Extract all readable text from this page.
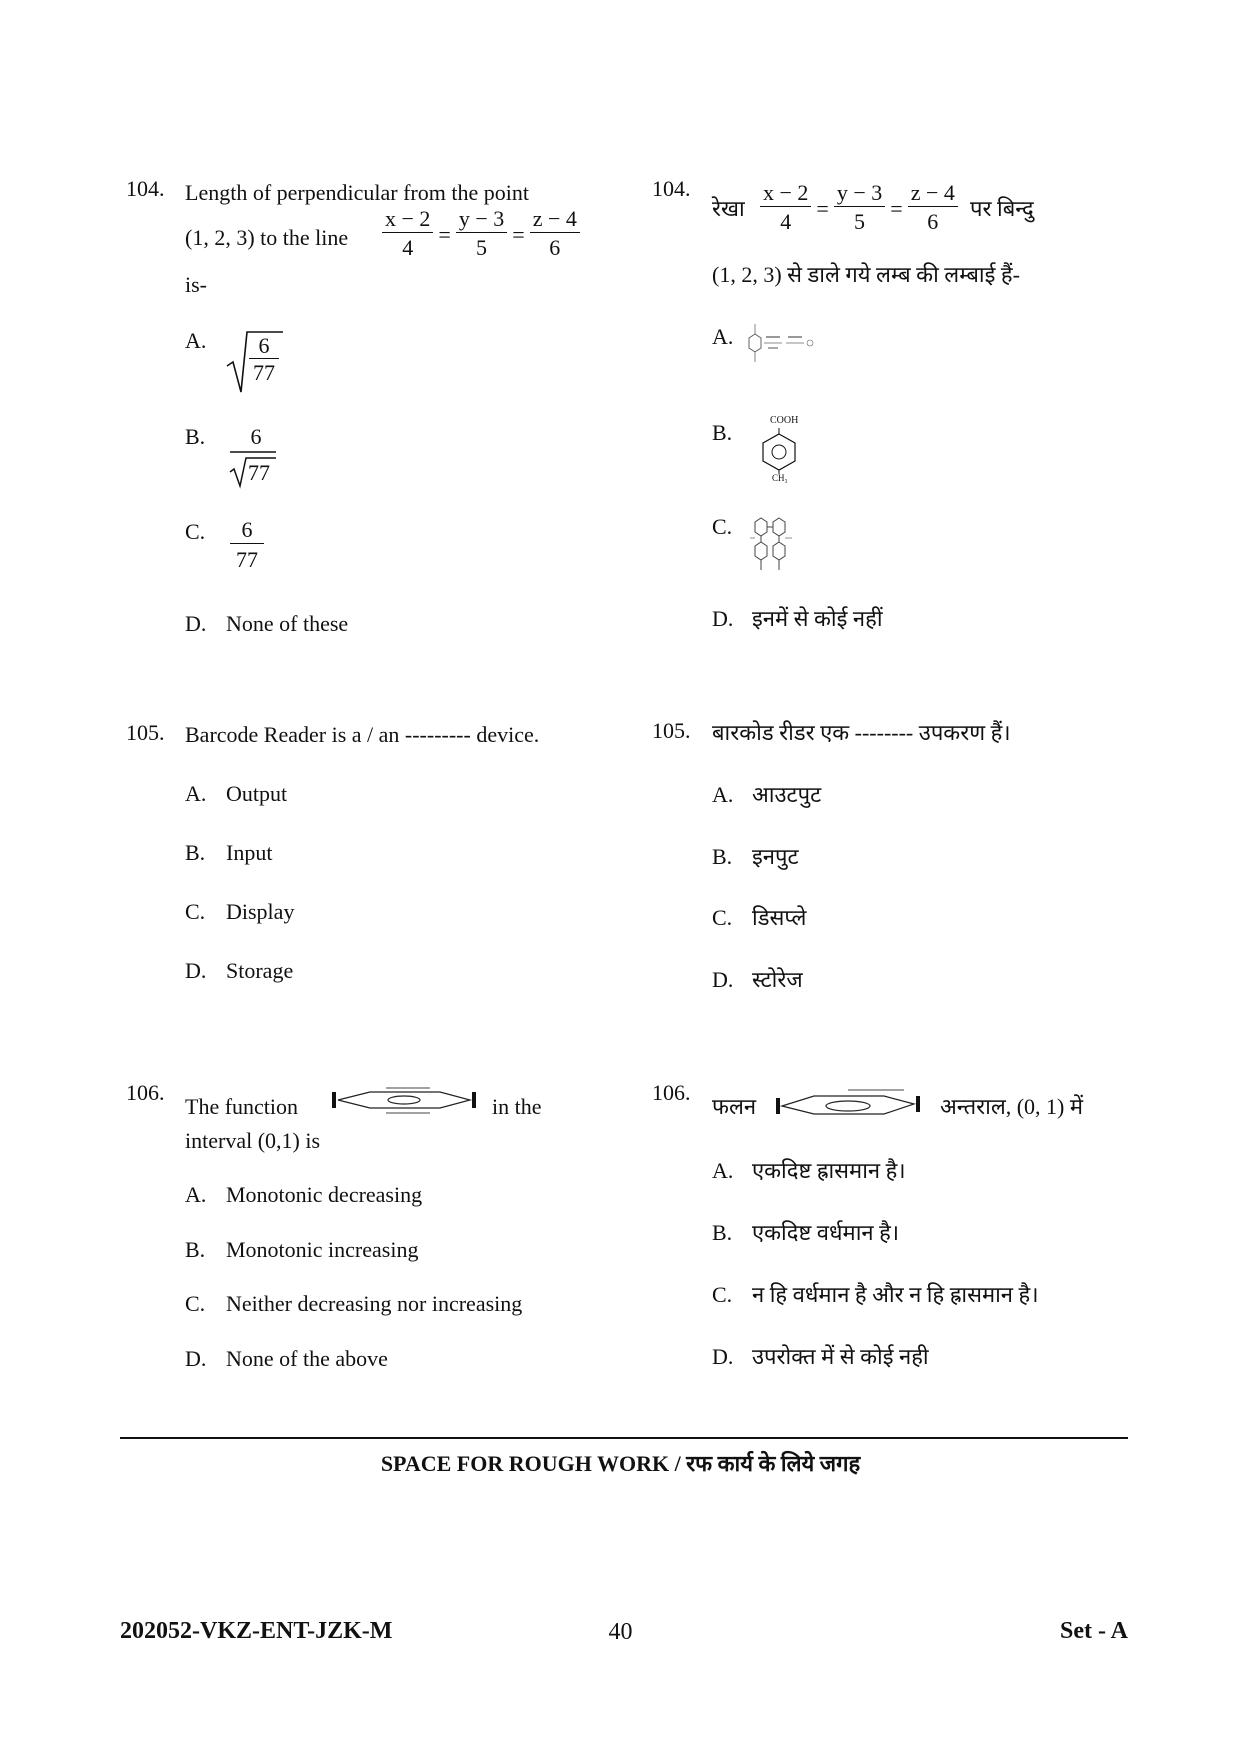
104. Length of perpendicular from the point
(1, 2, 3) to the line $\frac{x - 2}{4} = \frac{y - 3}{5} = \frac{z - 4}{6}$
is-
A. $\frac{6}{77}$
B.	6
77
C. $\frac{6}{77}$
D. None of these
104.
रेखा $\frac{x - 2}{4} = \frac{y - 3}{5} = \frac{z - 4}{6}$ पर बिन्दु
(1, 2, 3) से डाले गये लम्ब की लम्बाई हैं-
A.
B.	COOH
CH₃
C.
D. इनमें से कोई नहीं
105. Barcode Reader is a / an --------- device.
A. Output
B. Input
C. Display
D. Storage
105. बारकोड रीडर एक -------- उपकरण हैं।
A. आउटपुट
B. इनपुट
C. डिसप्ले
D. स्टोरेज
106.
The function	in the
interval (0,1) is
A. Monotonic decreasing
B. Monotonic increasing
C. Neither decreasing nor increasing
D. None of the above
106.
फलन	अन्तराल, (0, 1) में
A. एकदिष्ट ह्रासमान है।
B. एकदिष्ट वर्धमान है।
C. न हि वर्धमान है और न हि ह्रासमान है।
D. उपरोक्त में से कोई नही
SPACE FOR ROUGH WORK / रफ कार्य के लिये जगह
202052-VKZ-ENT-JZK-M	40	Set - A
